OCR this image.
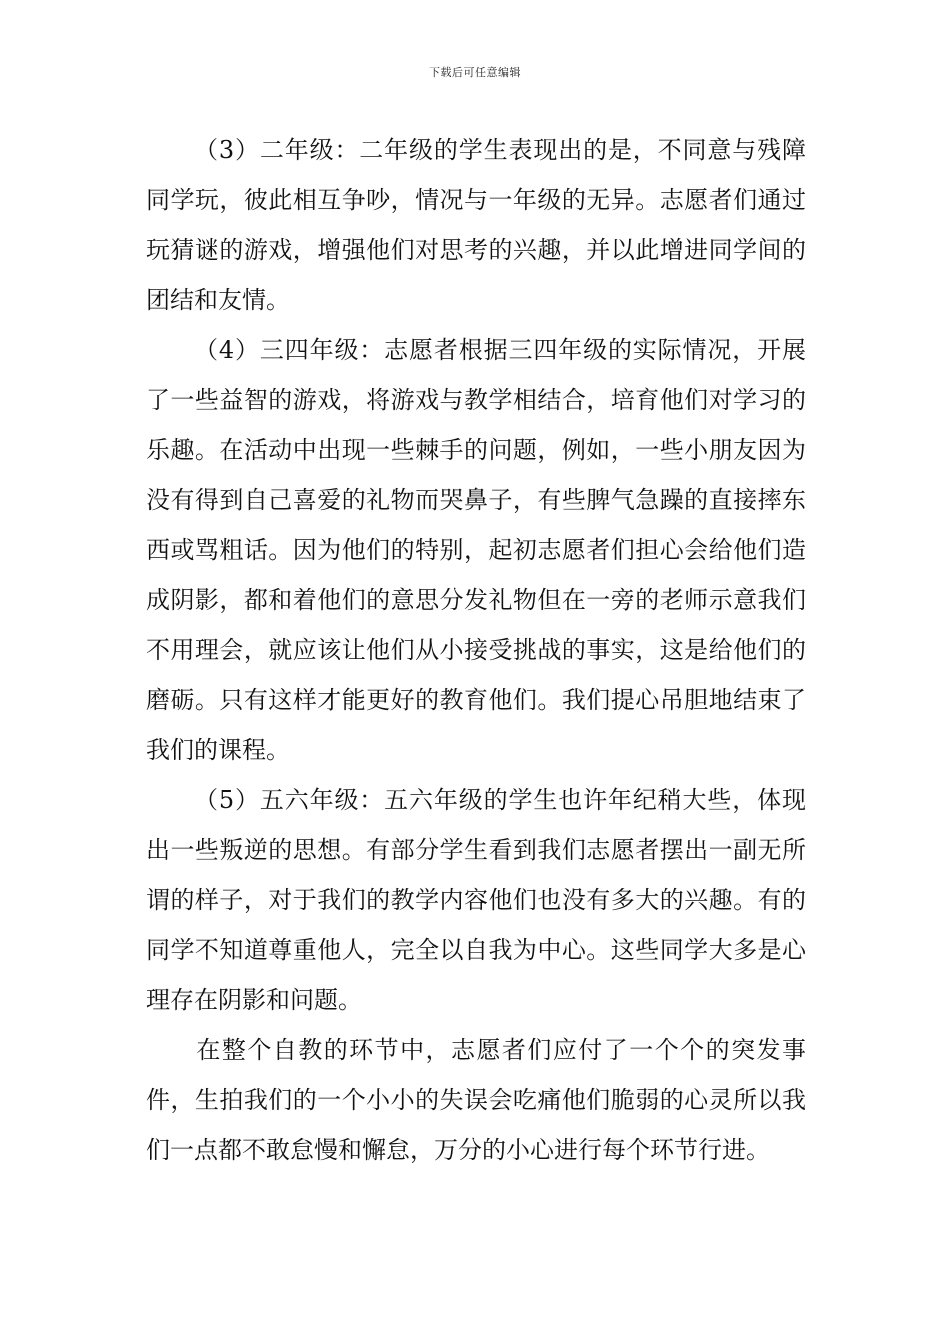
下载后可任意编辑

（3）二年级：二年级的学生表现出的是，不同意与残障同学玩，彼此相互争吵，情况与一年级的无异。志愿者们通过玩猜谜的游戏，增强他们对思考的兴趣，并以此增进同学间的团结和友情。

（4）三四年级：志愿者根据三四年级的实际情况，开展了一些益智的游戏，将游戏与教学相结合，培育他们对学习的乐趣。在活动中出现一些棘手的问题，例如，一些小朋友因为没有得到自己喜爱的礼物而哭鼻子，有些脾气急躁的直接摔东西或骂粗话。因为他们的特别，起初志愿者们担心会给他们造成阴影，都和着他们的意思分发礼物但在一旁的老师示意我们不用理会，就应该让他们从小接受挑战的事实，这是给他们的磨砺。只有这样才能更好的教育他们。我们提心吊胆地结束了我们的课程。

（5）五六年级：五六年级的学生也许年纪稍大些，体现出一些叛逆的思想。有部分学生看到我们志愿者摆出一副无所谓的样子，对于我们的教学内容他们也没有多大的兴趣。有的同学不知道尊重他人，完全以自我为中心。这些同学大多是心理存在阴影和问题。

在整个自教的环节中，志愿者们应付了一个个的突发事件，生拍我们的一个小小的失误会吃痛他们脆弱的心灵所以我们一点都不敢怠慢和懈怠，万分的小心进行每个环节行进。
